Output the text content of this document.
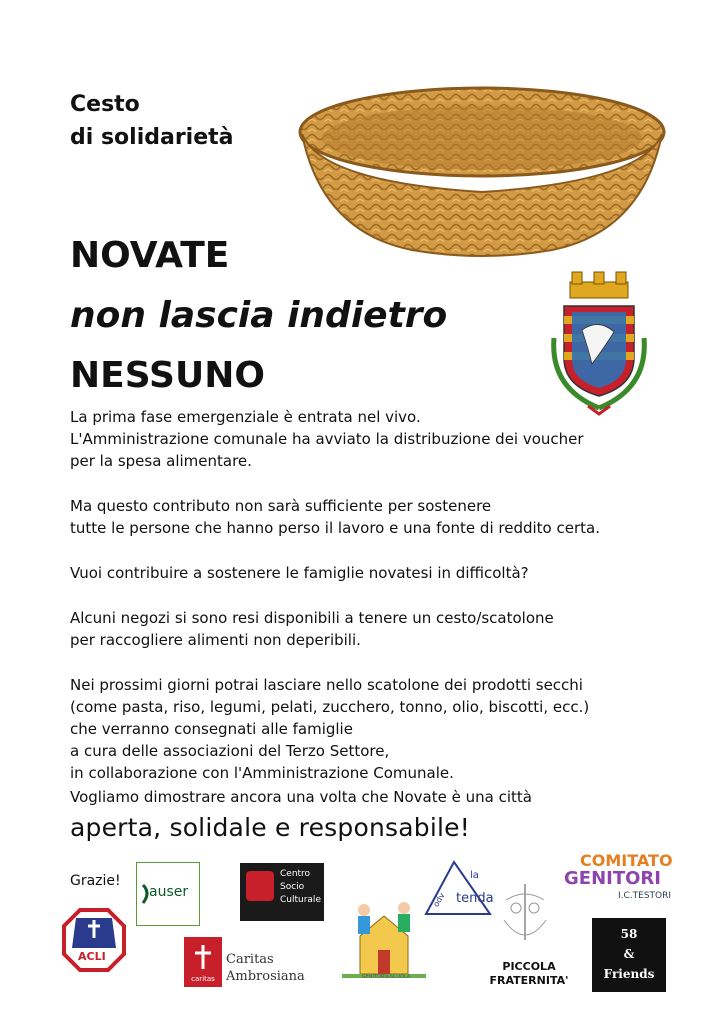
Cesto
di solidarietà
NOVATE
non lascia indietro
NESSUNO

La prima fase emergenziale è entrata nel vivo.
L'Amministrazione comunale ha avviato la distribuzione dei voucher
per la spesa alimentare.

Ma questo contributo non sarà sufficiente per sostenere
tutte le persone che hanno perso il lavoro e una fonte di reddito certa.

Vuoi contribuire a sostenere le famiglie novatesi in difficoltà?

Alcuni negozi si sono resi disponibili a tenere un cesto/scatolone
per raccogliere alimenti non deperibili.

Nei prossimi giorni potrai lasciare nello scatolone dei prodotti secchi
(come pasta, riso, legumi, pelati, zucchero, tonno, olio, biscotti, ecc.)
che verranno consegnati alle famiglie
a cura delle associazioni del Terzo Settore,
in collaborazione con l'Amministrazione Comunale.

Vogliamo dimostrare ancora una volta che Novate è una città
aperta, solidale e responsabile!
Grazie!
auser
Centro
Socio
Culturale
GENITORI&SCUOLA
la
tenda
odv
PICCOLA
FRATERNITA'
COMITATO
GENITORI
I.C.TESTORI
58
&
Friends
ACLI
caritas
Caritas
Ambrosiana
